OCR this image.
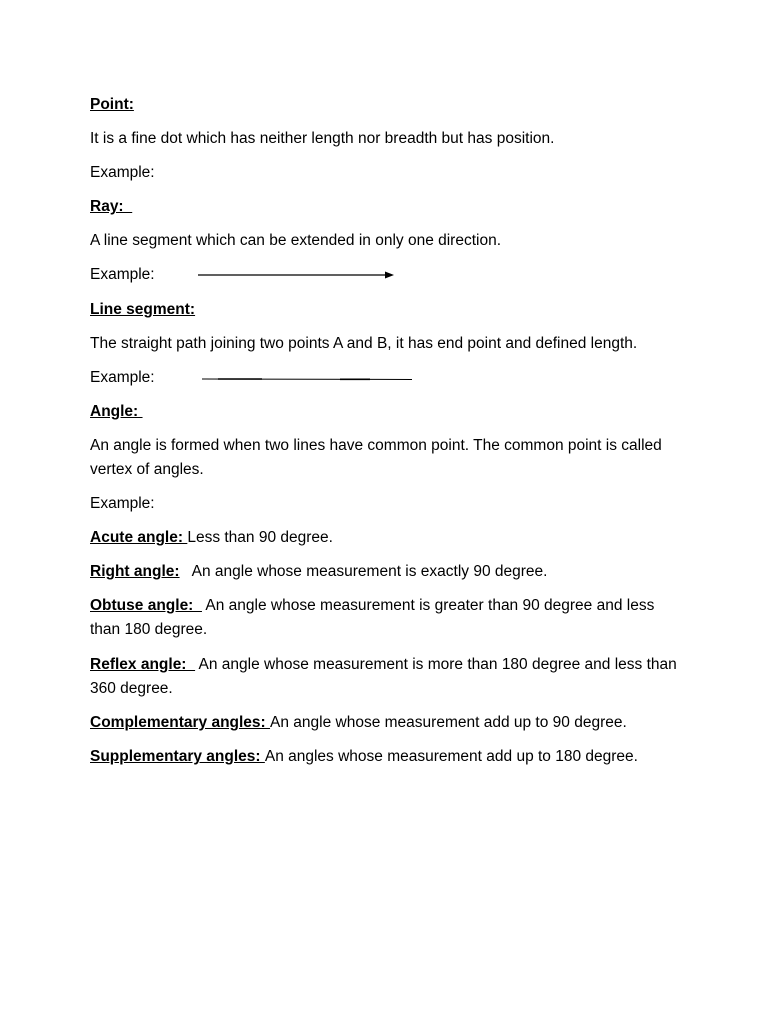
Point:

It is a fine dot which has neither length nor breadth but has position.

Example:

Ray:

A line segment which can be extended in only one direction.

Example:

Line segment:

The straight path joining two points A and B, it has end point and defined length.

Example:

Angle:

An angle is formed when two lines have common point. The common point is called vertex of angles.

Example:

Acute angle: Less than 90 degree.

Right angle:   An angle whose measurement is exactly 90 degree.

Obtuse angle:   An angle whose measurement is greater than 90 degree and less than 180 degree.

Reflex angle:   An angle whose measurement is more than 180 degree and less than 360 degree.

Complementary angles: An angle whose measurement add up to 90 degree.

Supplementary angles: An angles whose measurement add up to 180 degree.
